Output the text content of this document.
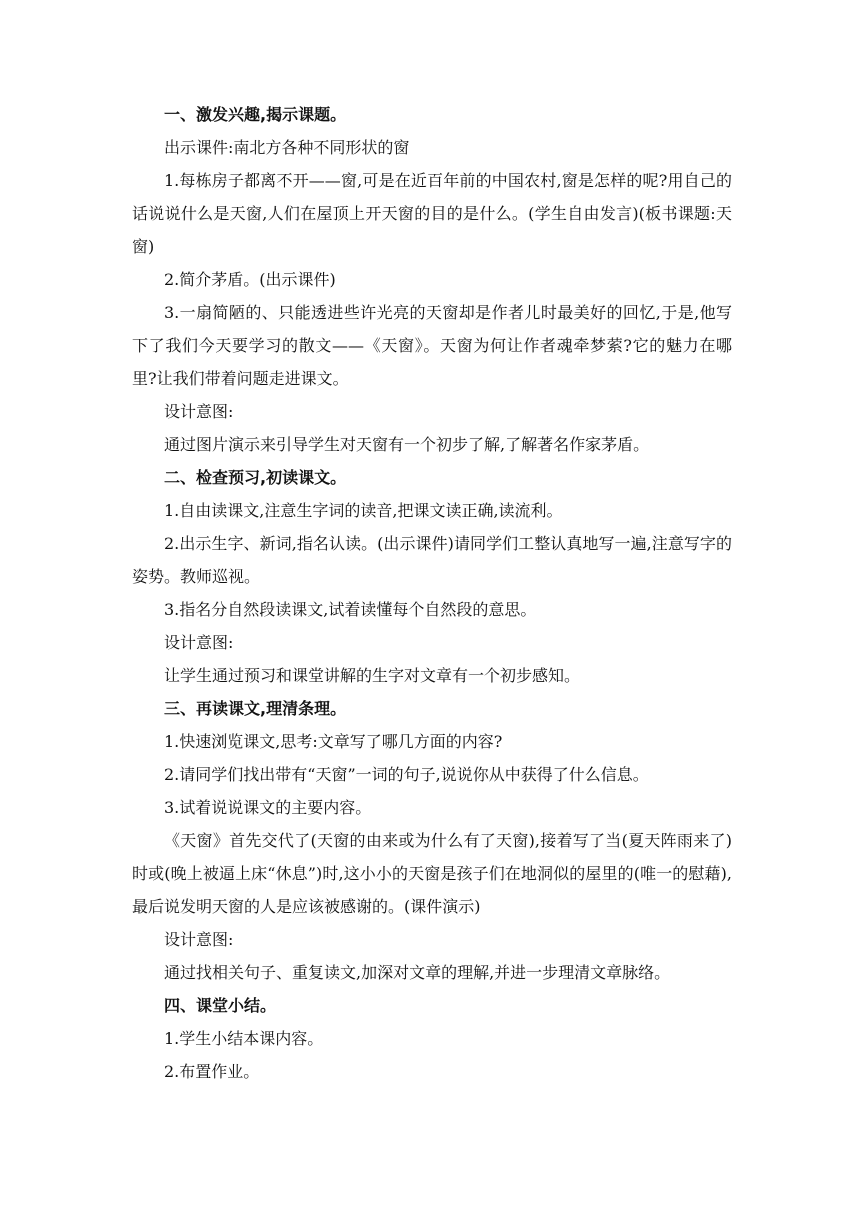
一、激发兴趣,揭示课题。

出示课件:南北方各种不同形状的窗

1.每栋房子都离不开——窗,可是在近百年前的中国农村,窗是怎样的呢?用自己的话说说什么是天窗,人们在屋顶上开天窗的目的是什么。(学生自由发言)(板书课题:天窗)

2.简介茅盾。(出示课件)

3.一扇简陋的、只能透进些许光亮的天窗却是作者儿时最美好的回忆,于是,他写下了我们今天要学习的散文——《天窗》。天窗为何让作者魂牵梦萦?它的魅力在哪里?让我们带着问题走进课文。

设计意图:

通过图片演示来引导学生对天窗有一个初步了解,了解著名作家茅盾。

二、检查预习,初读课文。

1.自由读课文,注意生字词的读音,把课文读正确,读流利。

2.出示生字、新词,指名认读。(出示课件)请同学们工整认真地写一遍,注意写字的姿势。教师巡视。

3.指名分自然段读课文,试着读懂每个自然段的意思。

设计意图:

让学生通过预习和课堂讲解的生字对文章有一个初步感知。

三、再读课文,理清条理。

1.快速浏览课文,思考:文章写了哪几方面的内容?

2.请同学们找出带有“天窗”一词的句子,说说你从中获得了什么信息。

3.试着说说课文的主要内容。

《天窗》首先交代了(天窗的由来或为什么有了天窗),接着写了当(夏天阵雨来了)时或(晚上被逼上床“休息”)时,这小小的天窗是孩子们在地洞似的屋里的(唯一的慰藉),最后说发明天窗的人是应该被感谢的。(课件演示)

设计意图:

通过找相关句子、重复读文,加深对文章的理解,并进一步理清文章脉络。

四、课堂小结。

1.学生小结本课内容。

2.布置作业。
